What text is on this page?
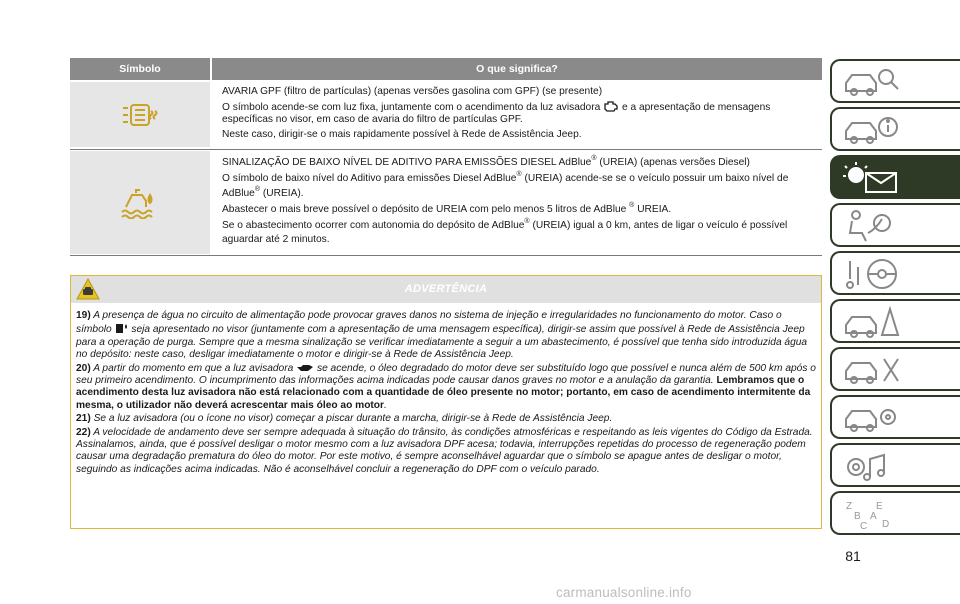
Símbolo	O que significa?

AVARIA GPF (filtro de partículas) (apenas versões gasolina com GPF) (se presente)

O símbolo acende-se com luz fixa, juntamente com o acendimento da luz avisadora e a apresentação de mensagens específicas no visor, em caso de avaria do filtro de partículas GPF.

Neste caso, dirigir-se o mais rapidamente possível à Rede de Assistência Jeep.

SINALIZAÇÃO DE BAIXO NÍVEL DE ADITIVO PARA EMISSÕES DIESEL AdBlue® (UREIA) (apenas versões Diesel)

O símbolo de baixo nível do Aditivo para emissões Diesel AdBlue® (UREIA) acende-se se o veículo possuir um baixo nível de AdBlue® (UREIA).

Abastecer o mais breve possível o depósito de UREIA com pelo menos 5 litros de AdBlue ® UREIA.

Se o abastecimento ocorrer com autonomia do depósito de AdBlue® (UREIA) igual a 0 km, antes de ligar o veículo é possível aguardar até 2 minutos.

ADVERTÊNCIA

19) A presença de água no circuito de alimentação pode provocar graves danos no sistema de injeção e irregularidades no funcionamento do motor. Caso o símbolo seja apresentado no visor (juntamente com a apresentação de uma mensagem específica), dirigir-se assim que possível à Rede de Assistência Jeep para a operação de purga. Sempre que a mesma sinalização se verificar imediatamente a seguir a um abastecimento, é possível que tenha sido introduzida água no depósito: neste caso, desligar imediatamente o motor e dirigir-se à Rede de Assistência Jeep.

20) A partir do momento em que a luz avisadora se acende, o óleo degradado do motor deve ser substituído logo que possível e nunca além de 500 km após o seu primeiro acendimento. O incumprimento das informações acima indicadas pode causar danos graves no motor e a anulação da garantia. Lembramos que o acendimento desta luz avisadora não está relacionado com a quantidade de óleo presente no motor; portanto, em caso de acendimento intermitente da mesma, o utilizador não deverá acrescentar mais óleo ao motor.

21) Se a luz avisadora (ou o ícone no visor) começar a piscar durante a marcha, dirigir-se à Rede de Assistência Jeep.

22) A velocidade de andamento deve ser sempre adequada à situação do trânsito, às condições atmosféricas e respeitando as leis vigentes do Código da Estrada. Assinalamos, ainda, que é possível desligar o motor mesmo com a luz avisadora DPF acesa; todavia, interrupções repetidas do processo de regeneração podem causar uma degradação prematura do óleo do motor. Por este motivo, é sempre aconselhável aguardar que o símbolo se apague antes de desligar o motor, seguindo as indicações acima indicadas. Não é aconselhável concluir a regeneração do DPF com o veículo parado.

Z E
B A
C D
81
carmanualsonline.info
